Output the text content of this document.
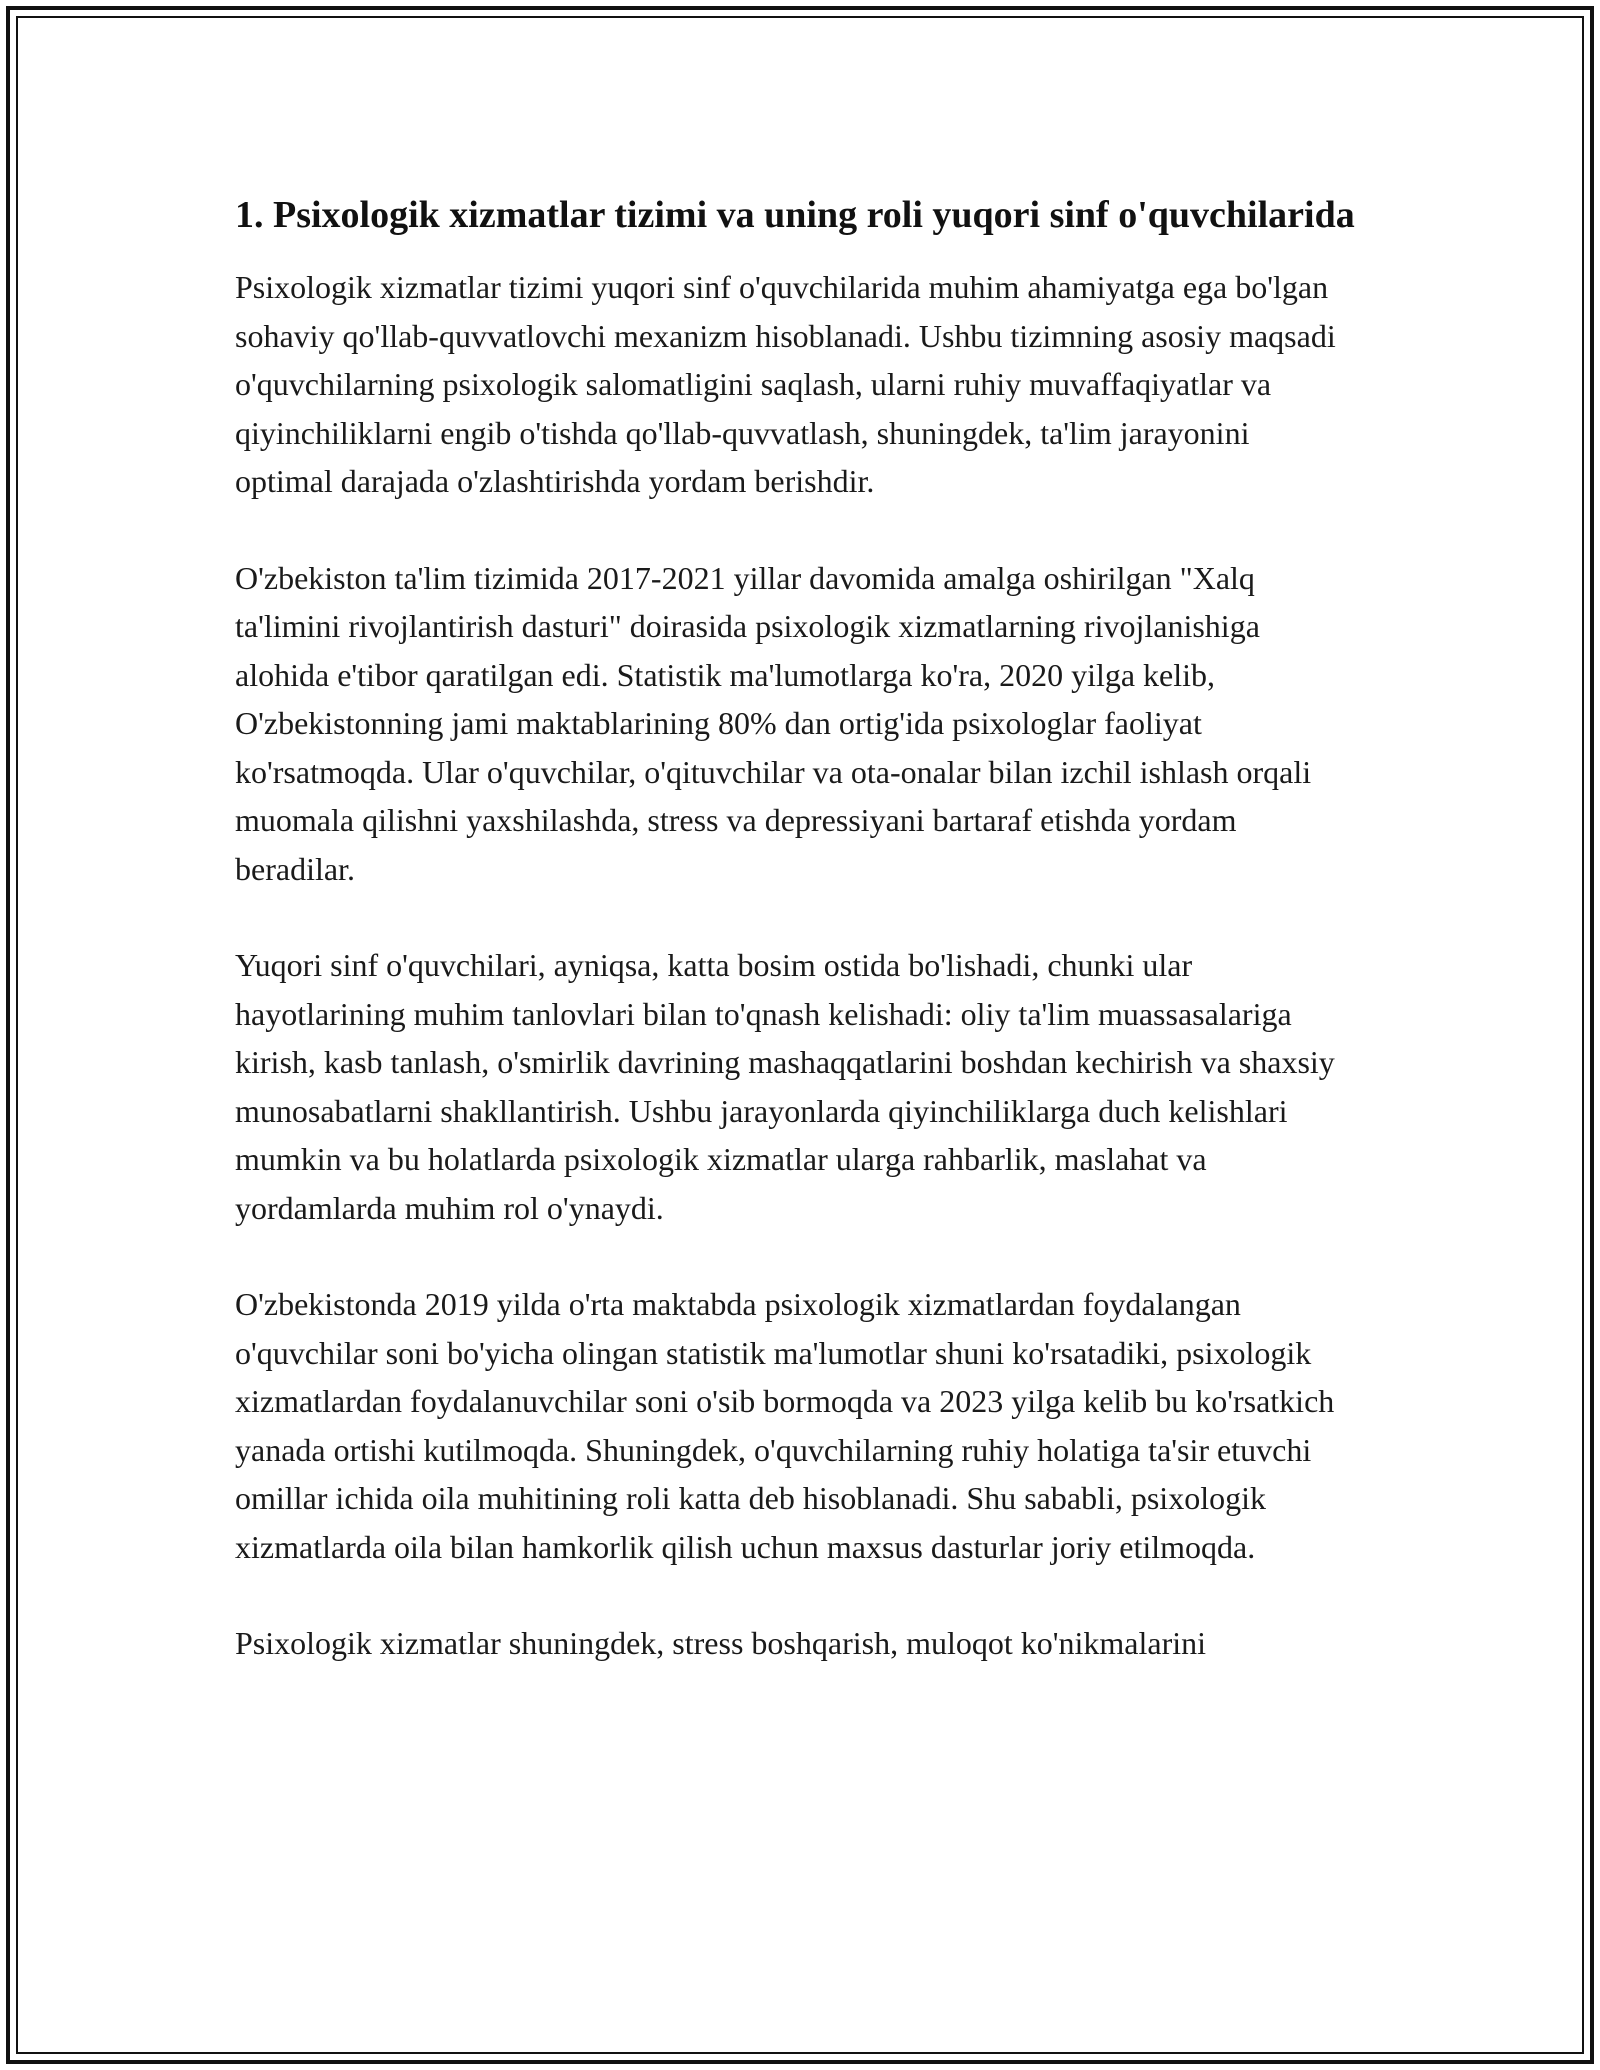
1. Psixologik xizmatlar tizimi va uning roli yuqori sinf o'quvchilarida

Psixologik xizmatlar tizimi yuqori sinf o'quvchilarida muhim ahamiyatga ega bo'lgan sohaviy qo'llab-quvvatlovchi mexanizm hisoblanadi. Ushbu tizimning asosiy maqsadi o'quvchilarning psixologik salomatligini saqlash, ularni ruhiy muvaffaqiyatlar va qiyinchiliklarni engib o'tishda qo'llab-quvvatlash, shuningdek, ta'lim jarayonini optimal darajada o'zlashtirishda yordam berishdir.

O'zbekiston ta'lim tizimida 2017-2021 yillar davomida amalga oshirilgan "Xalq ta'limini rivojlantirish dasturi" doirasida psixologik xizmatlarning rivojlanishiga alohida e'tibor qaratilgan edi. Statistik ma'lumotlarga ko'ra, 2020 yilga kelib, O'zbekistonning jami maktablarining 80% dan ortig'ida psixologlar faoliyat ko'rsatmoqda. Ular o'quvchilar, o'qituvchilar va ota-onalar bilan izchil ishlash orqali muomala qilishni yaxshilashda, stress va depressiyani bartaraf etishda yordam beradilar.

Yuqori sinf o'quvchilari, ayniqsa, katta bosim ostida bo'lishadi, chunki ular hayotlarining muhim tanlovlari bilan to'qnash kelishadi: oliy ta'lim muassasalariga kirish, kasb tanlash, o'smirlik davrining mashaqqatlarini boshdan kechirish va shaxsiy munosabatlarni shakllantirish. Ushbu jarayonlarda qiyinchiliklarga duch kelishlari mumkin va bu holatlarda psixologik xizmatlar ularga rahbarlik, maslahat va yordamlarda muhim rol o'ynaydi.

O'zbekistonda 2019 yilda o'rta maktabda psixologik xizmatlardan foydalangan o'quvchilar soni bo'yicha olingan statistik ma'lumotlar shuni ko'rsatadiki, psixologik xizmatlardan foydalanuvchilar soni o'sib bormoqda va 2023 yilga kelib bu ko'rsatkich yanada ortishi kutilmoqda. Shuningdek, o'quvchilarning ruhiy holatiga ta'sir etuvchi omillar ichida oila muhitining roli katta deb hisoblanadi. Shu sababli, psixologik xizmatlarda oila bilan hamkorlik qilish uchun maxsus dasturlar joriy etilmoqda.

Psixologik xizmatlar shuningdek, stress boshqarish, muloqot ko'nikmalarini
